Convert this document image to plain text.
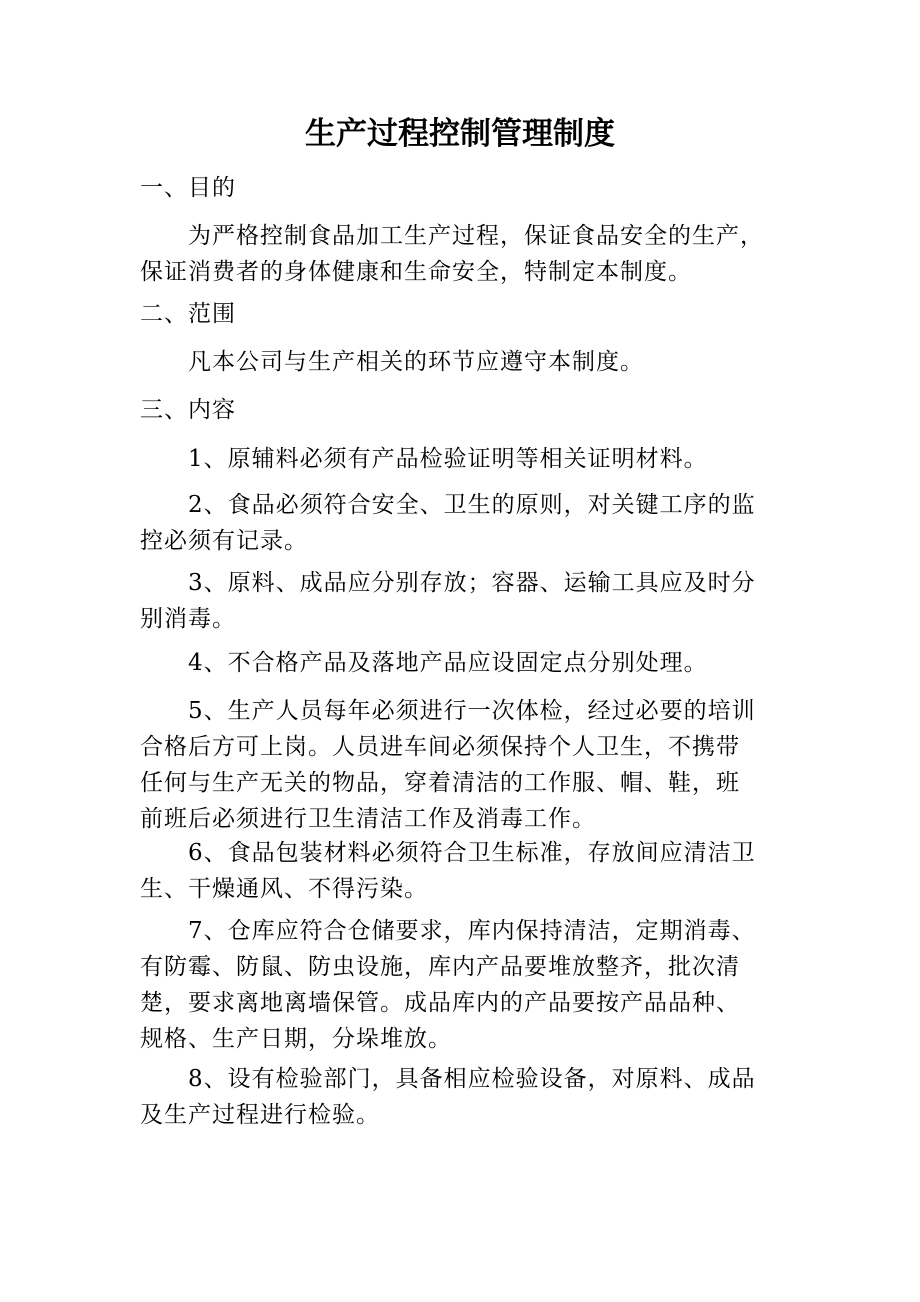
生产过程控制管理制度

一、目的

为严格控制食品加工生产过程，保证食品安全的生产，
保证消费者的身体健康和生命安全，特制定本制度。

二、范围

凡本公司与生产相关的环节应遵守本制度。

三、内容

1、原辅料必须有产品检验证明等相关证明材料。

2、食品必须符合安全、卫生的原则，对关键工序的监
控必须有记录。

3、原料、成品应分别存放；容器、运输工具应及时分
别消毒。

4、不合格产品及落地产品应设固定点分别处理。

5、生产人员每年必须进行一次体检，经过必要的培训
合格后方可上岗。人员进车间必须保持个人卫生，不携带
任何与生产无关的物品，穿着清洁的工作服、帽、鞋，班
前班后必须进行卫生清洁工作及消毒工作。

6、食品包装材料必须符合卫生标准，存放间应清洁卫
生、干燥通风、不得污染。

7、仓库应符合仓储要求，库内保持清洁，定期消毒、
有防霉、防鼠、防虫设施，库内产品要堆放整齐，批次清
楚，要求离地离墙保管。成品库内的产品要按产品品种、
规格、生产日期，分垛堆放。

8、设有检验部门，具备相应检验设备，对原料、成品
及生产过程进行检验。
